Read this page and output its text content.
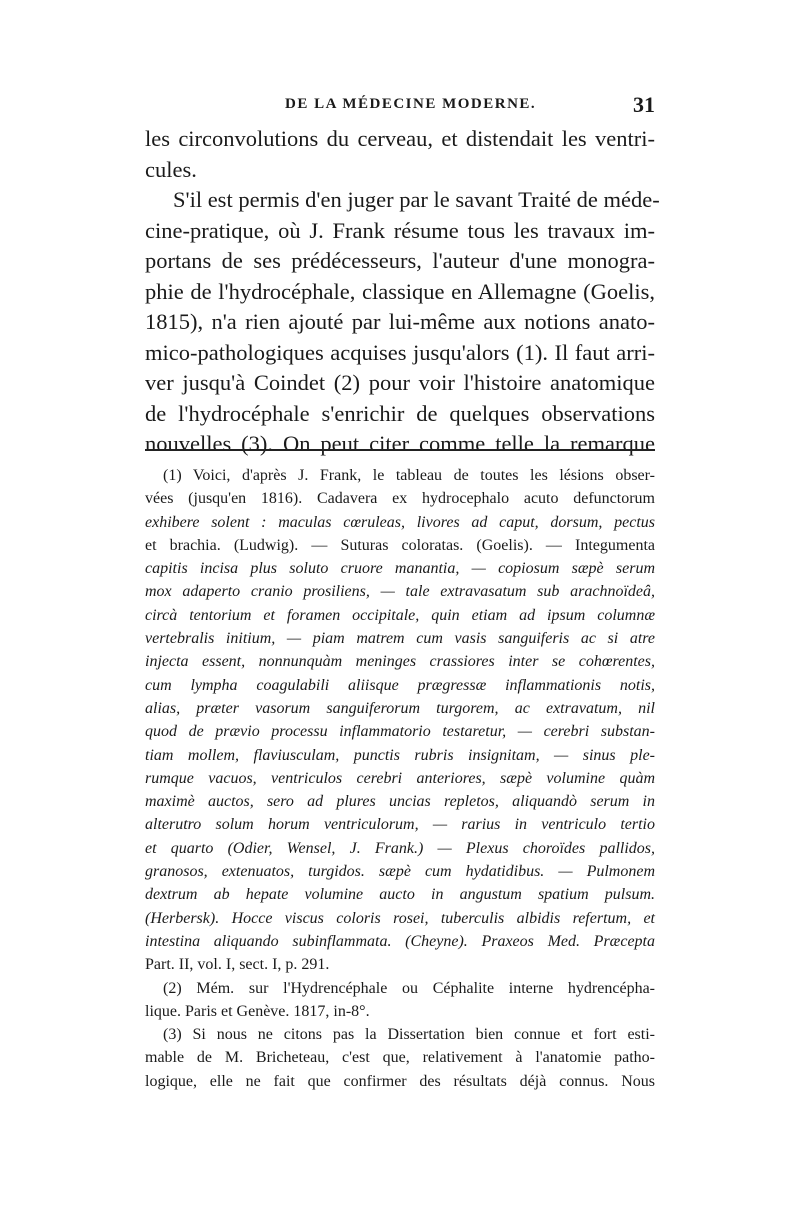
DE LA MÉDECINE MODERNE.	31
les circonvolutions du cerveau, et distendait les ventri-
cules.
S'il est permis d'en juger par le savant Traité de méde-
cine-pratique, où J. Frank résume tous les travaux im-
portans de ses prédécesseurs, l'auteur d'une monogra-
phie de l'hydrocéphale, classique en Allemagne (Goelis,
1815), n'a rien ajouté par lui-même aux notions anato-
mico-pathologiques acquises jusqu'alors (1). Il faut arri-
ver jusqu'à Coindet (2) pour voir l'histoire anatomique
de l'hydrocéphale s'enrichir de quelques observations
nouvelles (3). On peut citer comme telle la remarque
(1) Voici, d'après J. Frank, le tableau de toutes les lésions obser-
vées (jusqu'en 1816). Cadavera ex hydrocephalo acuto defunctorum
exhibere solent : maculas cœruleas, livores ad caput, dorsum, pectus
et brachia. (Ludwig). — Suturas coloratas. (Goelis). — Integumenta
capitis incisa plus soluto cruore manantia, — copiosum sæpè serum
mox adaperto cranio prosiliens, — tale extravasatum sub arachnoïdeâ,
circà tentorium et foramen occipitale, quin etiam ad ipsum columnæ
vertebralis initium, — piam matrem cum vasis sanguiferis ac si atre
injecta essent, nonnunquàm meninges crassiores inter se cohœrentes,
cum lympha coagulabili aliisque prægressæ inflammationis notis,
alias, præter vasorum sanguiferorum turgorem, ac extravatum, nil
quod de prævio processu inflammatorio testaretur, — cerebri substan-
tiam mollem, flaviusculam, punctis rubris insignitam, — sinus ple-
rumque vacuos, ventriculos cerebri anteriores, sæpè volumine quàm
maximè auctos, sero ad plures uncias repletos, aliquandò serum in
alterutro solum horum ventriculorum, — rarius in ventriculo tertio
et quarto (Odier, Wensel, J. Frank.) — Plexus choroïdes pallidos,
granosos, extenuatos, turgidos. sæpè cum hydatidibus. — Pulmonem
dextrum ab hepate volumine aucto in angustum spatium pulsum.
(Herbersk). Hocce viscus coloris rosei, tuberculis albidis refertum, et
intestina aliquando subinflammata. (Cheyne). Praxeos Med. Præcepta
Part. II, vol. I, sect. I, p. 291.
(2) Mém. sur l'Hydrencéphale ou Céphalite interne hydrencépha-
lique. Paris et Genève. 1817, in-8°.
(3) Si nous ne citons pas la Dissertation bien connue et fort esti-
mable de M. Bricheteau, c'est que, relativement à l'anatomie patho-
logique, elle ne fait que confirmer des résultats déjà connus. Nous
